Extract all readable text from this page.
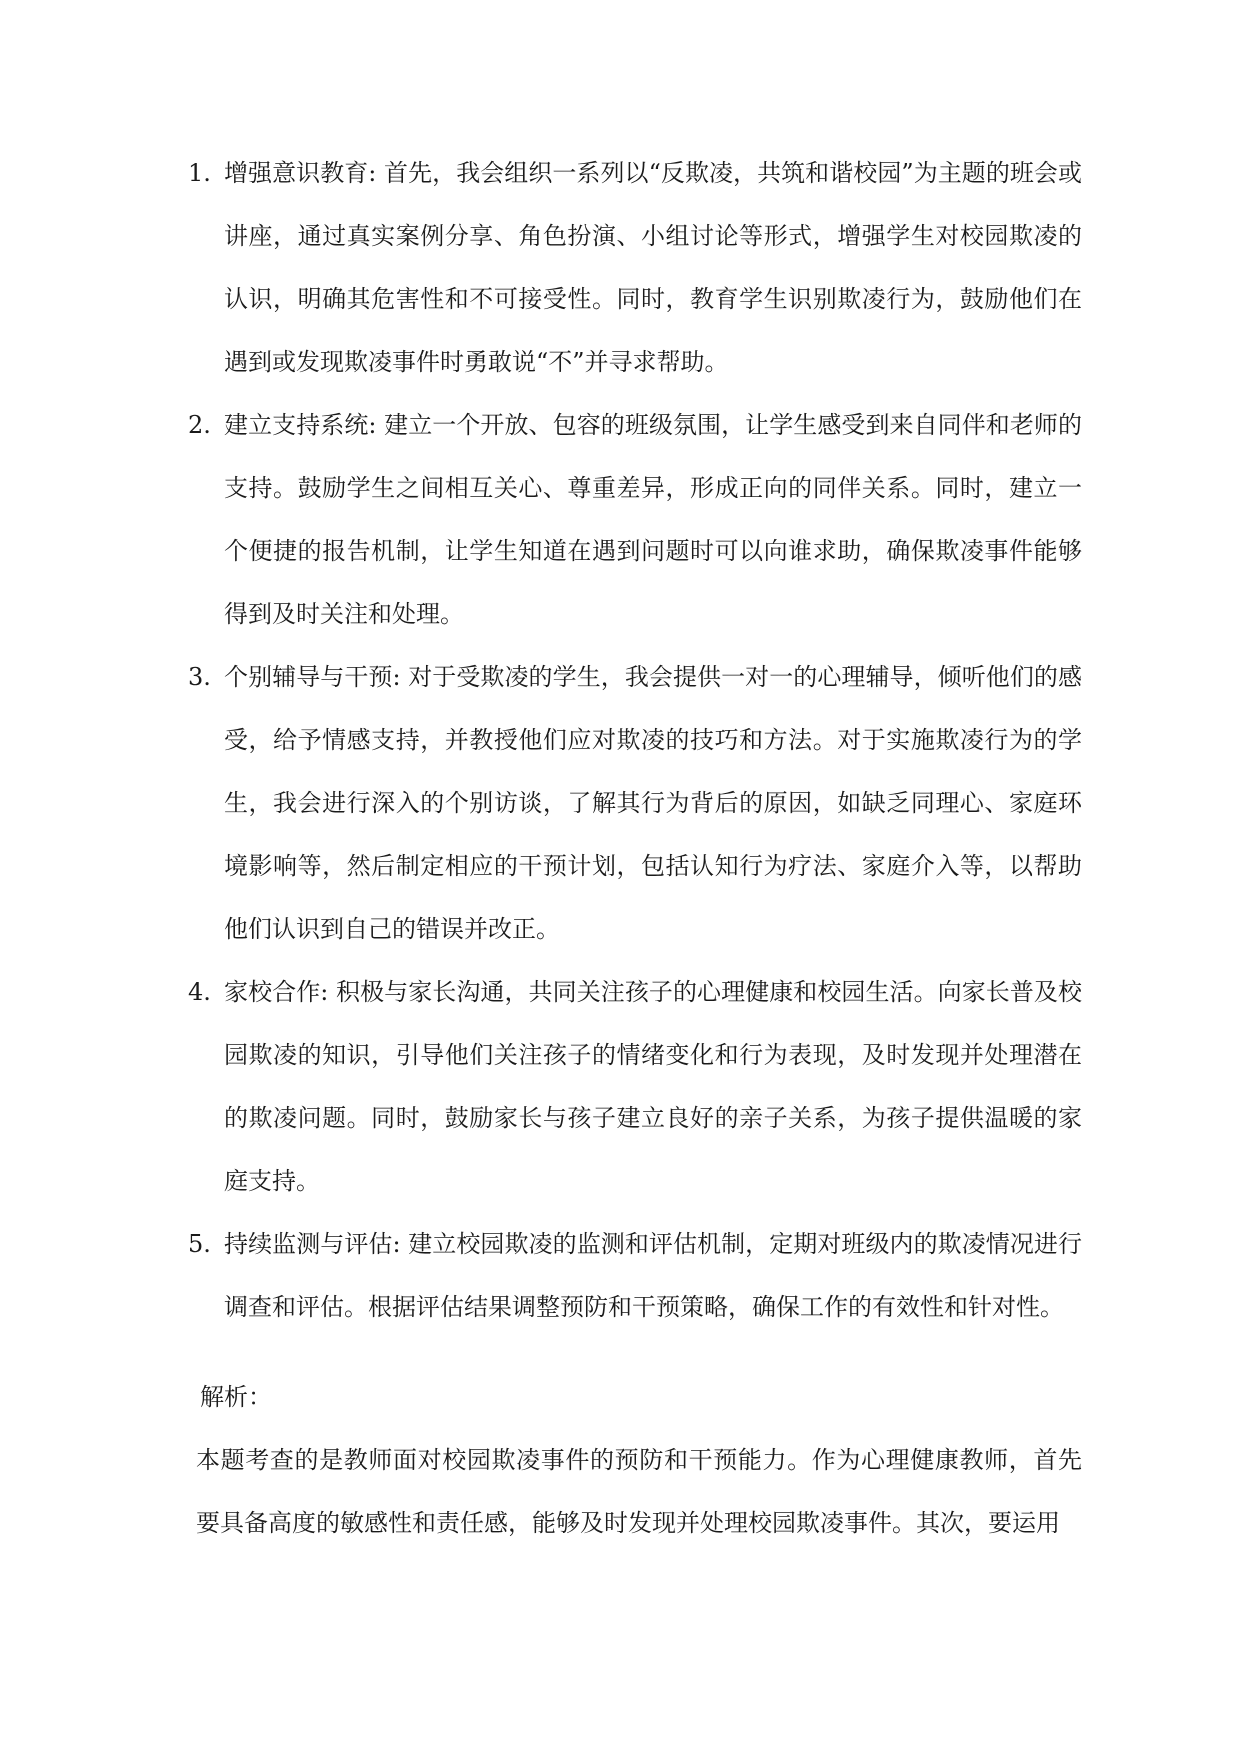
1. 增强意识教育: 首先，我会组织一系列以“反欺凌，共筑和谐校园”为主题的班会或讲座，通过真实案例分享、角色扮演、小组讨论等形式，增强学生对校园欺凌的认识，明确其危害性和不可接受性。同时，教育学生识别欺凌行为，鼓励他们在遇到或发现欺凌事件时勇敢说“不”并寻求帮助。
2. 建立支持系统: 建立一个开放、包容的班级氛围，让学生感受到来自同伴和老师的支持。鼓励学生之间相互关心、尊重差异，形成正向的同伴关系。同时，建立一个便捷的报告机制，让学生知道在遇到问题时可以向谁求助，确保欺凌事件能够得到及时关注和处理。
3. 个别辅导与干预: 对于受欺凌的学生，我会提供一对一的心理辅导，倾听他们的感受，给予情感支持，并教授他们应对欺凌的技巧和方法。对于实施欺凌行为的学生，我会进行深入的个别访谈，了解其行为背后的原因，如缺乏同理心、家庭环境影响等，然后制定相应的干预计划，包括认知行为疗法、家庭介入等，以帮助他们认识到自己的错误并改正。
4. 家校合作: 积极与家长沟通，共同关注孩子的心理健康和校园生活。向家长普及校园欺凌的知识，引导他们关注孩子的情绪变化和行为表现，及时发现并处理潜在的欺凌问题。同时，鼓励家长与孩子建立良好的亲子关系，为孩子提供温暖的家庭支持。
5. 持续监测与评估: 建立校园欺凌的监测和评估机制，定期对班级内的欺凌情况进行调查和评估。根据评估结果调整预防和干预策略，确保工作的有效性和针对性。
解析：

本题考查的是教师面对校园欺凌事件的预防和干预能力。作为心理健康教师，首先要具备高度的敏感性和责任感，能够及时发现并处理校园欺凌事件。其次，要运用
